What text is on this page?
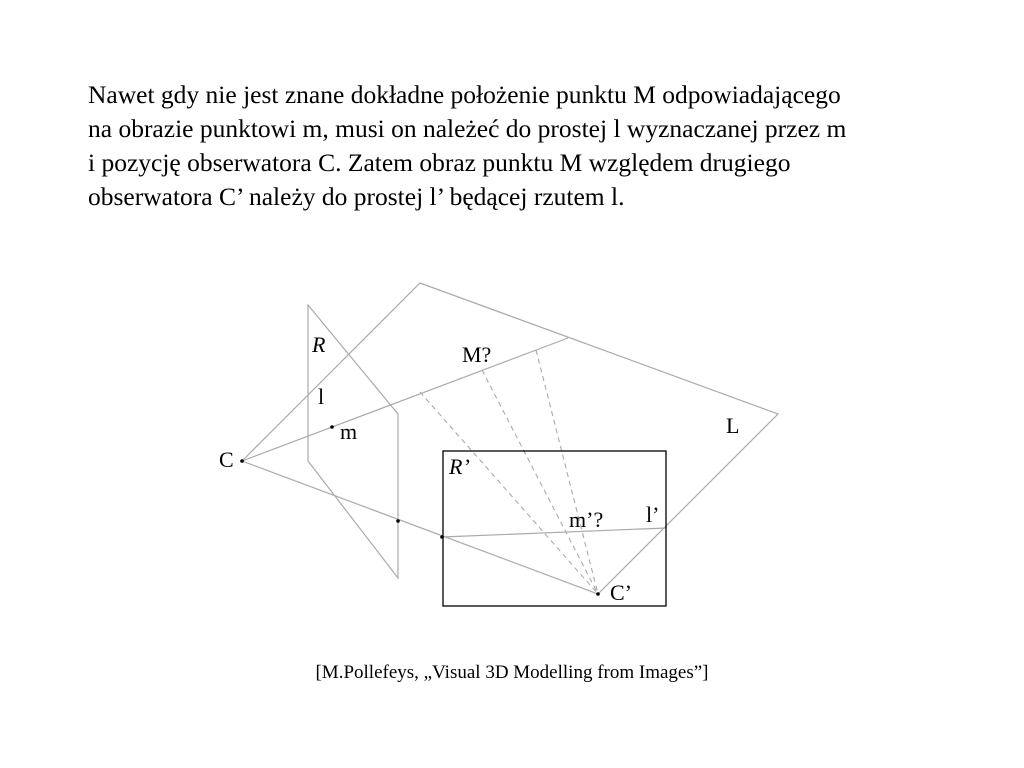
Nawet gdy nie jest znane dokładne położenie punktu M odpowiadającego
na obrazie punktowi m, musi on należeć do prostej l wyznaczanej przez m
i pozycję obserwatora C. Zatem obraz punktu M względem drugiego
obserwatora C’ należy do prostej l’ będącej rzutem l.

R	M?
l
m
C
L
R’
m’? l’
C’
[M.Pollefeys, „Visual 3D Modelling from Images”]
